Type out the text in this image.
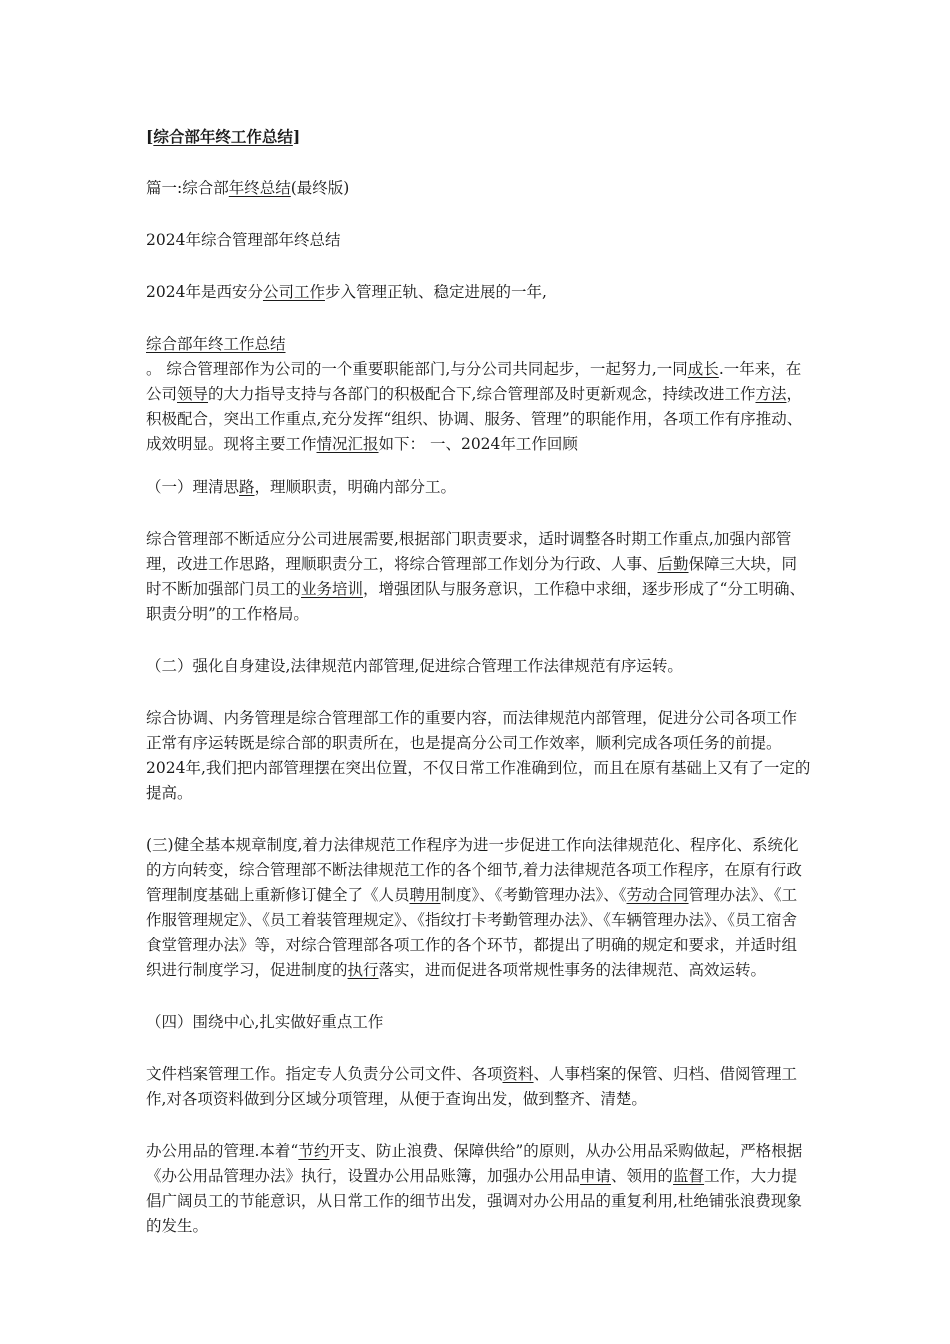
[综合部年终工作总结]

篇一:综合部年终总结(最终版)

2024年综合管理部年终总结

2024年是西安分公司工作步入管理正轨、稳定进展的一年,

综合部年终工作总结

。 综合管理部作为公司的一个重要职能部门,与分公司共同起步，一起努力,一同成长.一年来，在公司领导的大力指导支持与各部门的积极配合下,综合管理部及时更新观念，持续改进工作方法，积极配合，突出工作重点,充分发挥“组织、协调、服务、管理”的职能作用，各项工作有序推动、成效明显。现将主要工作情况汇报如下： 一、2024年工作回顾

（一）理清思路，理顺职责，明确内部分工。

综合管理部不断适应分公司进展需要,根据部门职责要求，适时调整各时期工作重点,加强内部管理，改进工作思路，理顺职责分工，将综合管理部工作划分为行政、人事、后勤保障三大块，同时不断加强部门员工的业务培训，增强团队与服务意识，工作稳中求细，逐步形成了“分工明确、职责分明”的工作格局。

（二）强化自身建设,法律规范内部管理,促进综合管理工作法律规范有序运转。

综合协调、内务管理是综合管理部工作的重要内容，而法律规范内部管理，促进分公司各项工作正常有序运转既是综合部的职责所在，也是提高分公司工作效率，顺利完成各项任务的前提。2024年,我们把内部管理摆在突出位置，不仅日常工作准确到位，而且在原有基础上又有了一定的提高。

(三)健全基本规章制度,着力法律规范工作程序为进一步促进工作向法律规范化、程序化、系统化的方向转变，综合管理部不断法律规范工作的各个细节,着力法律规范各项工作程序，在原有行政管理制度基础上重新修订健全了《人员聘用制度》、《考勤管理办法》、《劳动合同管理办法》、《工作服管理规定》、《员工着装管理规定》、《指纹打卡考勤管理办法》、《车辆管理办法》、《员工宿舍食堂管理办法》等，对综合管理部各项工作的各个环节，都提出了明确的规定和要求，并适时组织进行制度学习，促进制度的执行落实，进而促进各项常规性事务的法律规范、高效运转。

（四）围绕中心,扎实做好重点工作

文件档案管理工作。指定专人负责分公司文件、各项资料、人事档案的保管、归档、借阅管理工作,对各项资料做到分区域分项管理，从便于查询出发，做到整齐、清楚。

办公用品的管理.本着“节约开支、防止浪费、保障供给”的原则，从办公用品采购做起，严格根据《办公用品管理办法》执行，设置办公用品账簿，加强办公用品申请、领用的监督工作，大力提倡广阔员工的节能意识，从日常工作的细节出发，强调对办公用品的重复利用,杜绝铺张浪费现象的发生。
